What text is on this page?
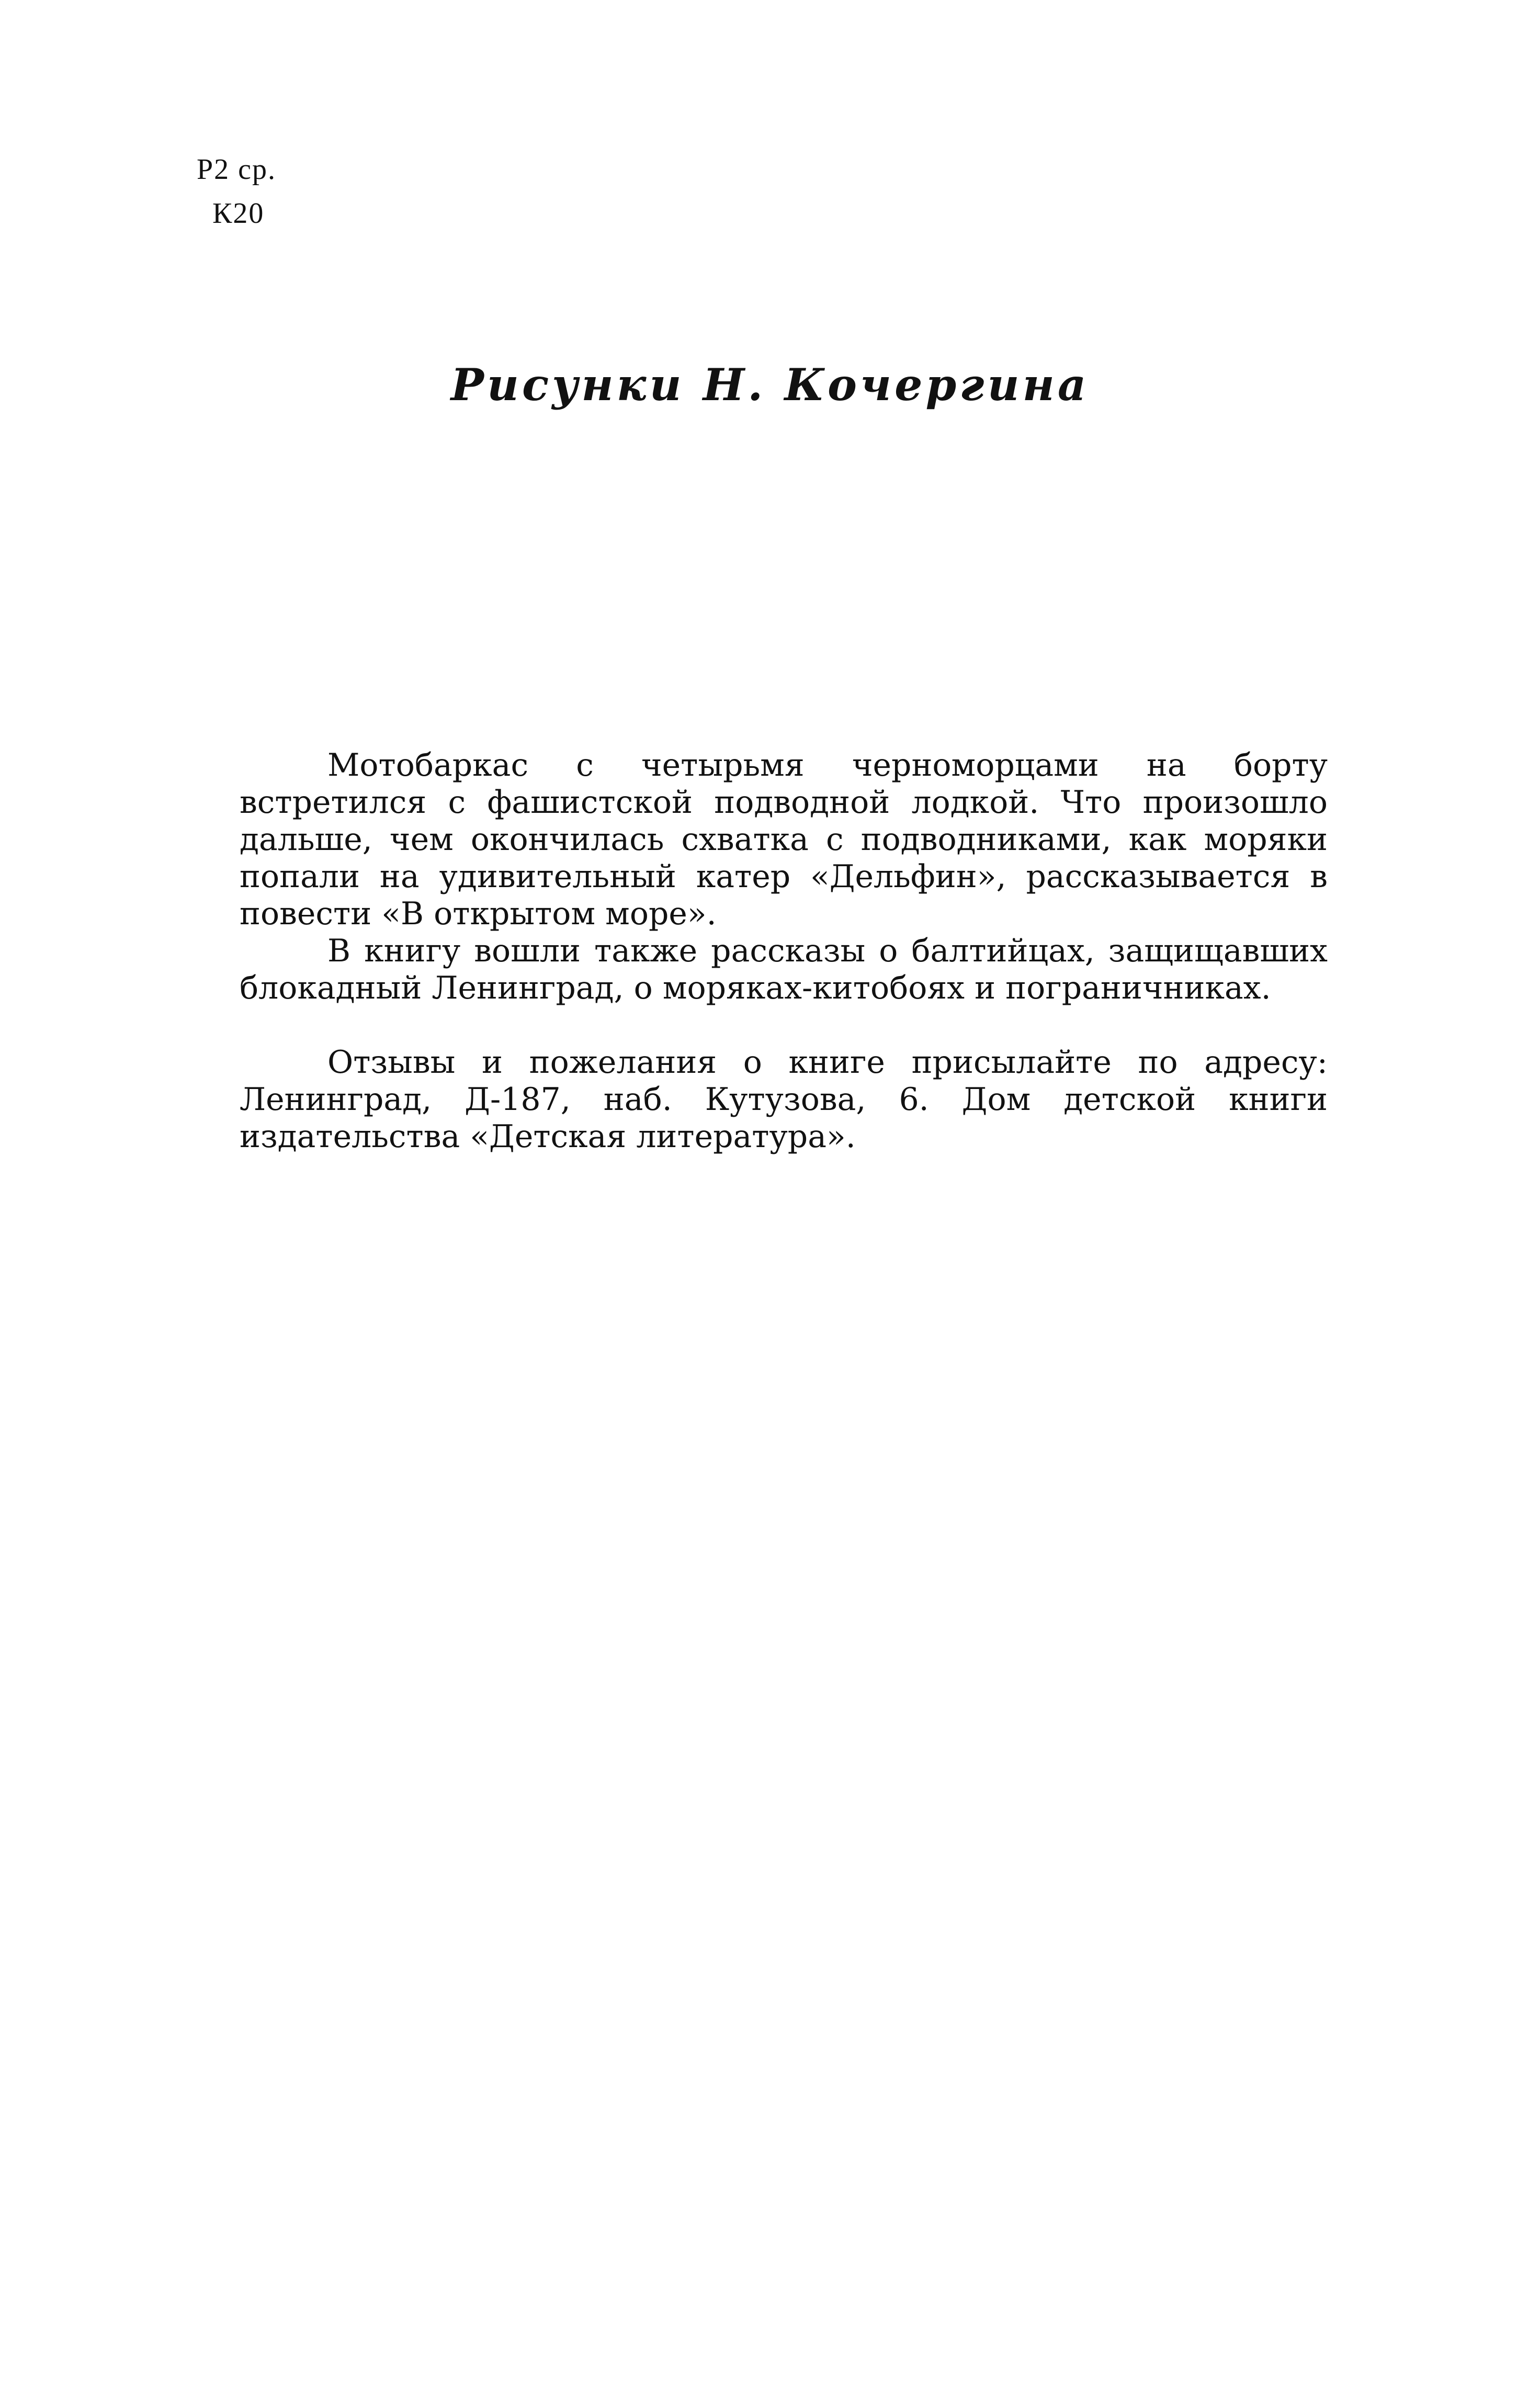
Р2 ср.
К20
Рисунки Н. Кочергина

Мотобаркас с четырьмя черноморцами на борту встретился с фашистской подводной лодкой. Что произошло дальше, чем окончилась схватка с подводниками, как моряки попали на удивительный катер «Дельфин», рассказывается в повести «В открытом море».

В книгу вошли также рассказы о балтийцах, защищавших блокадный Ленинград, о моряках-китобоях и пограничниках.

Отзывы и пожелания о книге присылайте по адресу: Ленинград, Д-187, наб. Кутузова, 6. Дом детской книги издательства «Детская литература».
